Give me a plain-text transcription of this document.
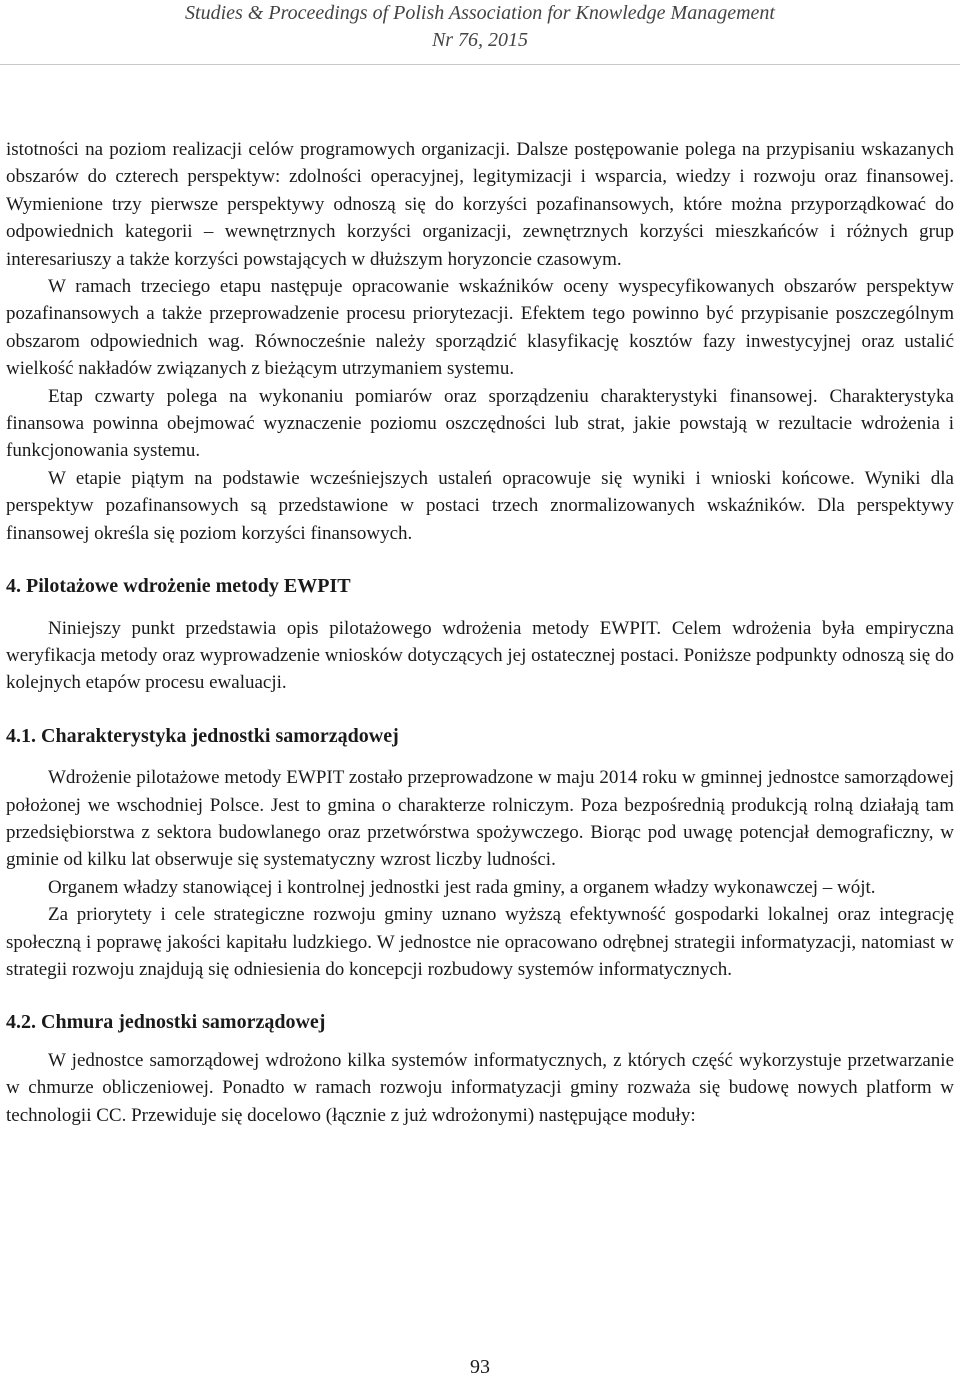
Studies & Proceedings of Polish Association for Knowledge Management
Nr 76, 2015

istotności na poziom realizacji celów programowych organizacji. Dalsze postępowanie polega na przypisaniu wskazanych obszarów do czterech perspektyw: zdolności operacyjnej, legitymizacji i wsparcia, wiedzy i rozwoju oraz finansowej. Wymienione trzy pierwsze perspektywy odnoszą się do korzyści pozafinansowych, które można przyporządkować do odpowiednich kategorii – wewnętrznych korzyści organizacji, zewnętrznych korzyści mieszkańców i różnych grup interesariuszy a także korzyści powstających w dłuższym horyzoncie czasowym.

W ramach trzeciego etapu następuje opracowanie wskaźników oceny wyspecyfikowanych obszarów perspektyw pozafinansowych a także przeprowadzenie procesu priorytezacji. Efektem tego powinno być przypisanie poszczególnym obszarom odpowiednich wag. Równocześnie należy sporządzić klasyfikację kosztów fazy inwestycyjnej oraz ustalić wielkość nakładów związanych z bieżącym utrzymaniem systemu.

Etap czwarty polega na wykonaniu pomiarów oraz sporządzeniu charakterystyki finansowej. Charakterystyka finansowa powinna obejmować wyznaczenie poziomu oszczędności lub strat, jakie powstają w rezultacie wdrożenia i funkcjonowania systemu.

W etapie piątym na podstawie wcześniejszych ustaleń opracowuje się wyniki i wnioski końcowe. Wyniki dla perspektyw pozafinansowych są przedstawione w postaci trzech znormalizowanych wskaźników. Dla perspektywy finansowej określa się poziom korzyści finansowych.

4. Pilotażowe wdrożenie metody EWPIT

Niniejszy punkt przedstawia opis pilotażowego wdrożenia metody EWPIT. Celem wdrożenia była empiryczna weryfikacja metody oraz wyprowadzenie wniosków dotyczących jej ostatecznej postaci. Poniższe podpunkty odnoszą się do kolejnych etapów procesu ewaluacji.

4.1. Charakterystyka jednostki samorządowej

Wdrożenie pilotażowe metody EWPIT zostało przeprowadzone w maju 2014 roku w gminnej jednostce samorządowej położonej we wschodniej Polsce. Jest to gmina o charakterze rolniczym. Poza bezpośrednią produkcją rolną działają tam przedsiębiorstwa z sektora budowlanego oraz przetwórstwa spożywczego. Biorąc pod uwagę potencjał demograficzny, w gminie od kilku lat obserwuje się systematyczny wzrost liczby ludności.

Organem władzy stanowiącej i kontrolnej jednostki jest rada gminy, a organem władzy wykonawczej – wójt.

Za priorytety i cele strategiczne rozwoju gminy uznano wyższą efektywność gospodarki lokalnej oraz integrację społeczną i poprawę jakości kapitału ludzkiego. W jednostce nie opracowano odrębnej strategii informatyzacji, natomiast w strategii rozwoju znajdują się odniesienia do koncepcji rozbudowy systemów informatycznych.

4.2. Chmura jednostki samorządowej

W jednostce samorządowej wdrożono kilka systemów informatycznych, z których część wykorzystuje przetwarzanie w chmurze obliczeniowej. Ponadto w ramach rozwoju informatyzacji gminy rozważa się budowę nowych platform w technologii CC. Przewiduje się docelowo (łącznie z już wdrożonymi) następujące moduły:

93
